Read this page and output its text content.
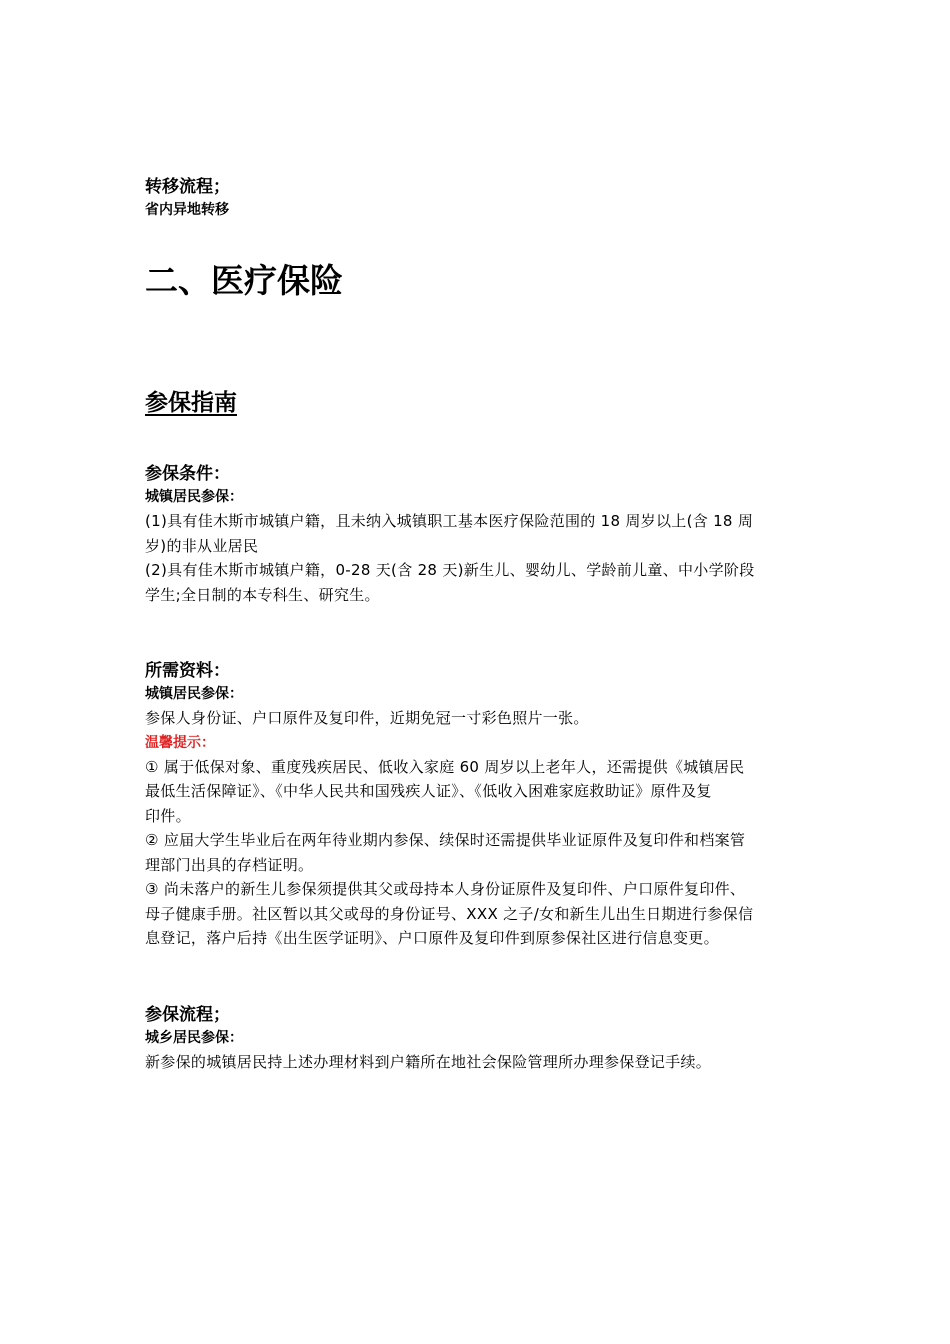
转移流程；
省内异地转移
二、医疗保险
参保指南
参保条件：
城镇居民参保：
(1)具有佳木斯市城镇户籍，且未纳入城镇职工基本医疗保险范围的 18 周岁以上(含 18 周
岁)的非从业居民
(2)具有佳木斯市城镇户籍，0-28 天(含 28 天)新生儿、婴幼儿、学龄前儿童、中小学阶段
学生;全日制的本专科生、研究生。
所需资料：
城镇居民参保：
参保人身份证、户口原件及复印件，近期免冠一寸彩色照片一张。
温馨提示：
① 属于低保对象、重度残疾居民、低收入家庭 60 周岁以上老年人，还需提供《城镇居民
最低生活保障证》、《中华人民共和国残疾人证》、《低收入困难家庭救助证》原件及复
印件。
② 应届大学生毕业后在两年待业期内参保、续保时还需提供毕业证原件及复印件和档案管
理部门出具的存档证明。
③ 尚未落户的新生儿参保须提供其父或母持本人身份证原件及复印件、户口原件复印件、
母子健康手册。社区暂以其父或母的身份证号、XXX 之子/女和新生儿出生日期进行参保信
息登记，落户后持《出生医学证明》、户口原件及复印件到原参保社区进行信息变更。
参保流程；
城乡居民参保：
新参保的城镇居民持上述办理材料到户籍所在地社会保险管理所办理参保登记手续。
